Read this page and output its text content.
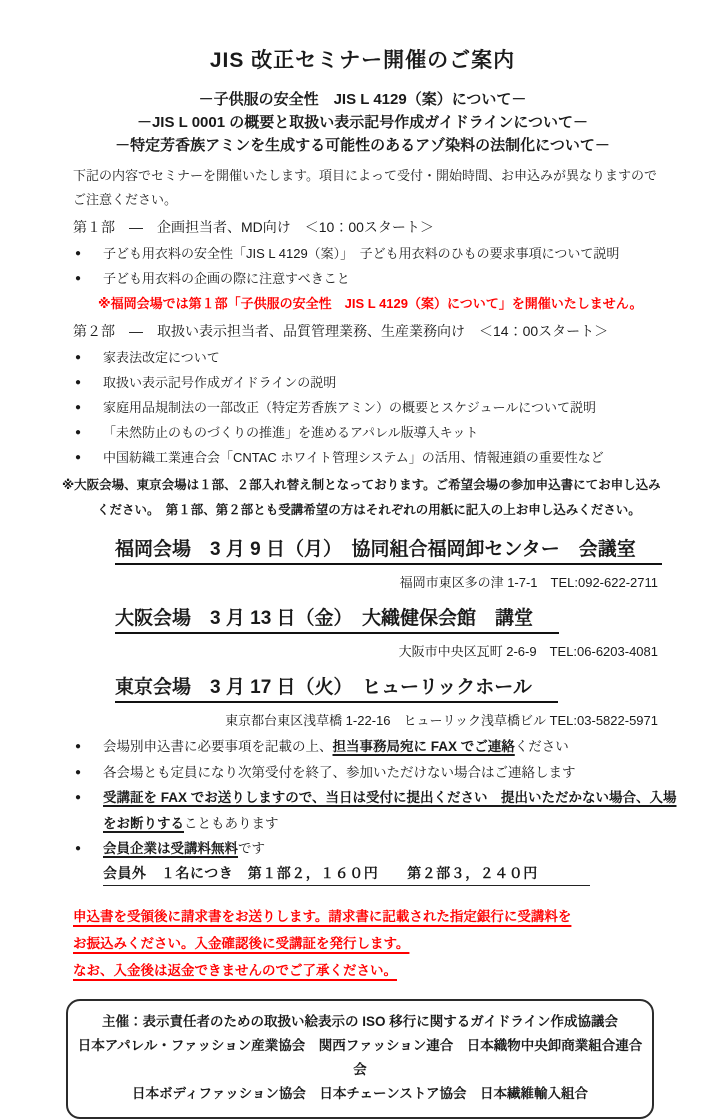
JIS 改正セミナー開催のご案内
－子供服の安全性　JIS L 4129（案）について－
－JIS L 0001 の概要と取扱い表示記号作成ガイドラインについて－
－特定芳香族アミンを生成する可能性のあるアゾ染料の法制化について－
下記の内容でセミナーを開催いたします。項目によって受付・開始時間、お申込みが異なりますので
ご注意ください。
第１部　―　企画担当者、MD向け　＜10：00スタート＞
●	子ども用衣料の安全性「JIS L 4129（案）」　子ども用衣料のひもの要求事項について説明
●	子ども用衣料の企画の際に注意すべきこと
※福岡会場では第１部「子供服の安全性　JIS L 4129（案）について」を開催いたしません。
第２部　―　取扱い表示担当者、品質管理業務、生産業務向け　＜14：00スタート＞
●	家表法改定について
●	取扱い表示記号作成ガイドラインの説明
●	家庭用品規制法の一部改正（特定芳香族アミン）の概要とスケジュールについて説明
●	「未然防止のものづくりの推進」を進めるアパレル版導入キット
●	中国紡織工業連合会「CNTAC ホワイト管理システム」の活用、情報連鎖の重要性など
※大阪会場、東京会場は１部、２部入れ替え制となっております。ご希望会場の参加申込書にてお申し込み
ください。　第１部、第２部とも受講希望の方はそれぞれの用紙に記入の上お申し込みください。
福岡会場　3 月 9 日（月）　協同組合福岡卸センター　会議室
福岡市東区多の津 1-7-1　TEL:092-622-2711
大阪会場　3 月 13 日（金）　大織健保会館　講堂
大阪市中央区瓦町 2-6-9　TEL:06-6203-4081
東京会場　3 月 17 日（火）　ヒューリックホール
東京都台東区浅草橋 1-22-16　ヒューリック浅草橋ビル TEL:03-5822-5971
●	会場別申込書に必要事項を記載の上、担当事務局宛に FAX でご連絡ください
●	各会場とも定員になり次第受付を終了、参加いただけない場合はご連絡します
●	受講証を FAX でお送りしますので、当日は受付に提出ください　提出いただかない場合、入場をお断りすることもあります
●	会員企業は受講料無料です
会員外　１名につき　第１部２，１６０円　　第２部３，２４０円
申込書を受領後に請求書をお送りします。請求書に記載された指定銀行に受講料を
お振込みください。入金確認後に受講証を発行します。
なお、入金後は返金できませんのでご了承ください。
主催：表示責任者のための取扱い絵表示の ISO 移行に関するガイドライン作成協議会
日本アパレル・ファッション産業協会　関西ファッション連合　日本織物中央卸商業組合連合会
日本ボディファッション協会　日本チェーンストア協会　日本繊維輸入組合
